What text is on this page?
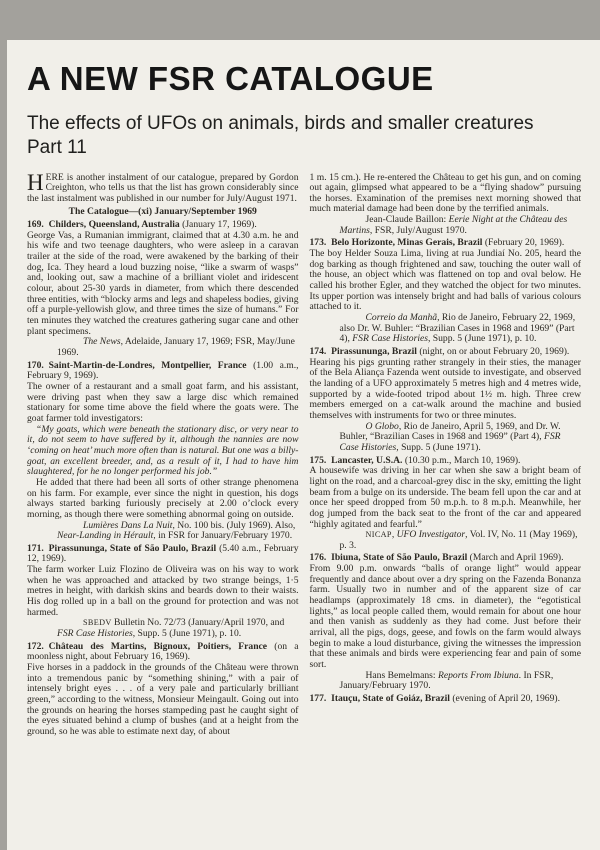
A NEW FSR CATALOGUE
The effects of UFOs on animals, birds and smaller creatures
Part 11

HERE is another instalment of our catalogue, prepared by Gordon Creighton, who tells us that the list has grown considerably since the last instalment was published in our number for July/August 1971.

The Catalogue—(xi) January/September 1969

169. Childers, Queensland, Australia (January 17, 1969).

George Vas, a Rumanian immigrant, claimed that at 4.30 a.m. he and his wife and two teenage daughters, who were asleep in a caravan trailer at the side of the road, were awakened by the barking of their dog, Ica. They heard a loud buzzing noise, “like a swarm of wasps” and, looking out, saw a machine of a brilliant violet and iridescent colour, about 25-30 yards in diameter, from which there descended three entities, with “blocky arms and legs and shapeless bodies, giving off a purple-yellowish glow, and three times the size of humans.” For ten minutes they watched the creatures gathering sugar cane and other plant specimens.

The News, Adelaide, January 17, 1969; FSR, May/June 1969.

170. Saint-Martin-de-Londres, Montpellier, France (1.00 a.m., February 9, 1969).

The owner of a restaurant and a small goat farm, and his assistant, were driving past when they saw a large disc which remained stationary for some time above the field where the goats were. The goat farmer told investigators:

“My goats, which were beneath the stationary disc, or very near to it, do not seem to have suffered by it, although the nannies are now ‘coming on heat’ much more often than is natural. But one was a billy-goat, an excellent breeder, and, as a result of it, I had to have him slaughtered, for he no longer performed his job.”

He added that there had been all sorts of other strange phenomena on his farm. For example, ever since the night in question, his dogs always started barking furiously precisely at 2.00 o’clock every morning, as though there were something abnormal going on outside.

Lumières Dans La Nuit, No. 100 bis. (July 1969). Also, Near-Landing in Hérault, in FSR for January/February 1970.

171. Pirassununga, State of São Paulo, Brazil (5.40 a.m., February 12, 1969).

The farm worker Luiz Flozino de Oliveira was on his way to work when he was approached and attacked by two strange beings, 1·5 metres in height, with darkish skins and beards down to their waists. His dog rolled up in a ball on the ground for protection and was not harmed.

SBEDV Bulletin No. 72/73 (January/April 1970, and FSR Case Histories, Supp. 5 (June 1971), p. 10.

172. Château des Martins, Bignoux, Poitiers, France (on a moonless night, about February 16, 1969).

Five horses in a paddock in the grounds of the Château were thrown into a tremendous panic by “something shining,” with a pair of intensely bright eyes . . . of a very pale and particularly brilliant green,” according to the witness, Monsieur Meingault. Going out into the grounds on hearing the horses stampeding past he caught sight of the eyes situated behind a clump of bushes (and at a height from the ground, so he was able to estimate next day, of about

1 m. 15 cm.). He re-entered the Château to get his gun, and on coming out again, glimpsed what appeared to be a “flying shadow” pursuing the horses. Examination of the premises next morning showed that much material damage had been done by the terrified animals.

Jean-Claude Baillon: Eerie Night at the Château des Martins, FSR, July/August 1970.

173. Belo Horizonte, Minas Gerais, Brazil (February 20, 1969).

The boy Helder Souza Lima, living at rua Jundiaí No. 205, heard the dog barking as though frightened and saw, touching the outer wall of the house, an object which was flattened on top and oval below. He called his brother Egler, and they watched the object for two minutes. Its upper portion was intensely bright and had balls of various colours attached to it.

Correio da Manhã, Rio de Janeiro, February 22, 1969, also Dr. W. Buhler: “Brazilian Cases in 1968 and 1969” (Part 4), FSR Case Histories, Supp. 5 (June 1971), p. 10.

174. Pirassununga, Brazil (night, on or about February 20, 1969).

Hearing his pigs grunting rather strangely in their sties, the manager of the Bela Aliança Fazenda went outside to investigate, and observed the landing of a UFO approximately 5 metres high and 4 metres wide, supported by a wide-footed tripod about 1½ m. high. Three crew members emerged on a cat-walk around the machine and busied themselves with instruments for two or three minutes.

O Globo, Rio de Janeiro, April 5, 1969, and Dr. W. Buhler, “Brazilian Cases in 1968 and 1969” (Part 4), FSR Case Histories, Supp. 5 (June 1971).

175. Lancaster, U.S.A. (10.30 p.m., March 10, 1969).

A housewife was driving in her car when she saw a bright beam of light on the road, and a charcoal-grey disc in the sky, emitting the light beam from a bulge on its underside. The beam fell upon the car and at once her speed dropped from 50 m.p.h. to 8 m.p.h. Meanwhile, her dog jumped from the back seat to the front of the car and appeared “highly agitated and fearful.”

NICAP, UFO Investigator, Vol. IV, No. 11 (May 1969), p. 3.

176. Ibiuna, State of São Paulo, Brazil (March and April 1969).

From 9.00 p.m. onwards “balls of orange light” would appear frequently and dance about over a dry spring on the Fazenda Bonanza farm. Usually two in number and of the apparent size of car headlamps (approximately 18 cms. in diameter), the “egotistical lights,” as local people called them, would remain for about one hour and then vanish as suddenly as they had come. Just before their arrival, all the pigs, dogs, geese, and fowls on the farm would always begin to make a loud disturbance, giving the witnesses the impression that these animals and birds were experiencing fear and pain of some sort.

Hans Bemelmans: Reports From Ibiuna. In FSR, January/February 1970.

177. Itauçu, State of Goiáz, Brazil (evening of April 20, 1969).
